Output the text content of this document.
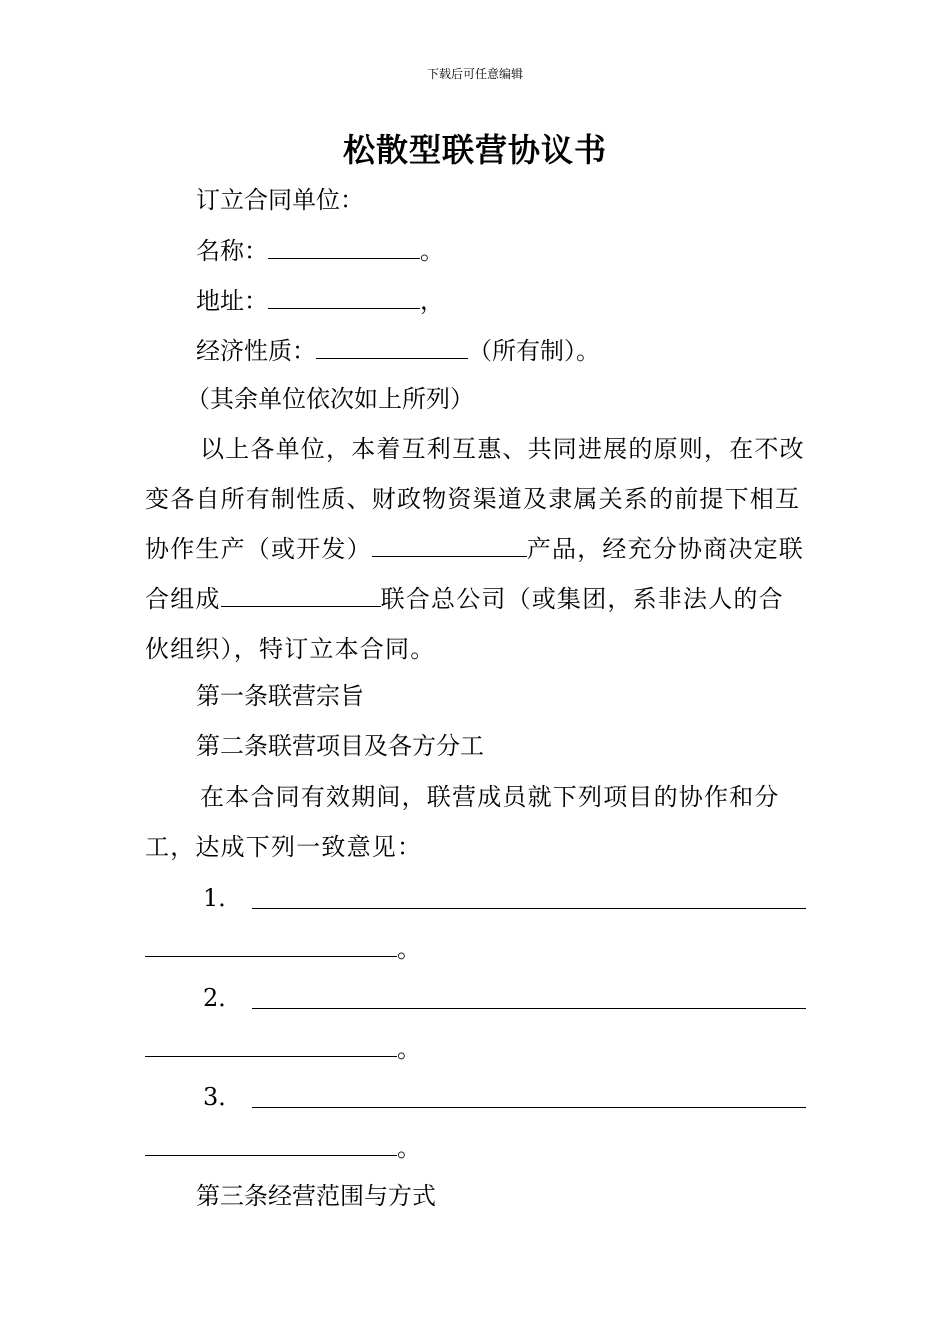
下载后可任意编辑
松散型联营协议书
订立合同单位：
名称：	。
地址：	，
经济性质：	（所有制）。
（其余单位依次如上所列）
以上各单位，本着互利互惠、共同进展的原则，在不改变各自所有制性质、财政物资渠道及隶属关系的前提下相互协作生产（或开发）	产品，经充分协商决定联合组成	联合总公司（或集团，系非法人的合伙组织），特订立本合同。
第一条联营宗旨
第二条联营项目及各方分工
在本合同有效期间，联营成员就下列项目的协作和分工，达成下列一致意见：
1．
。
2．
。
3．
。
第三条经营范围与方式
